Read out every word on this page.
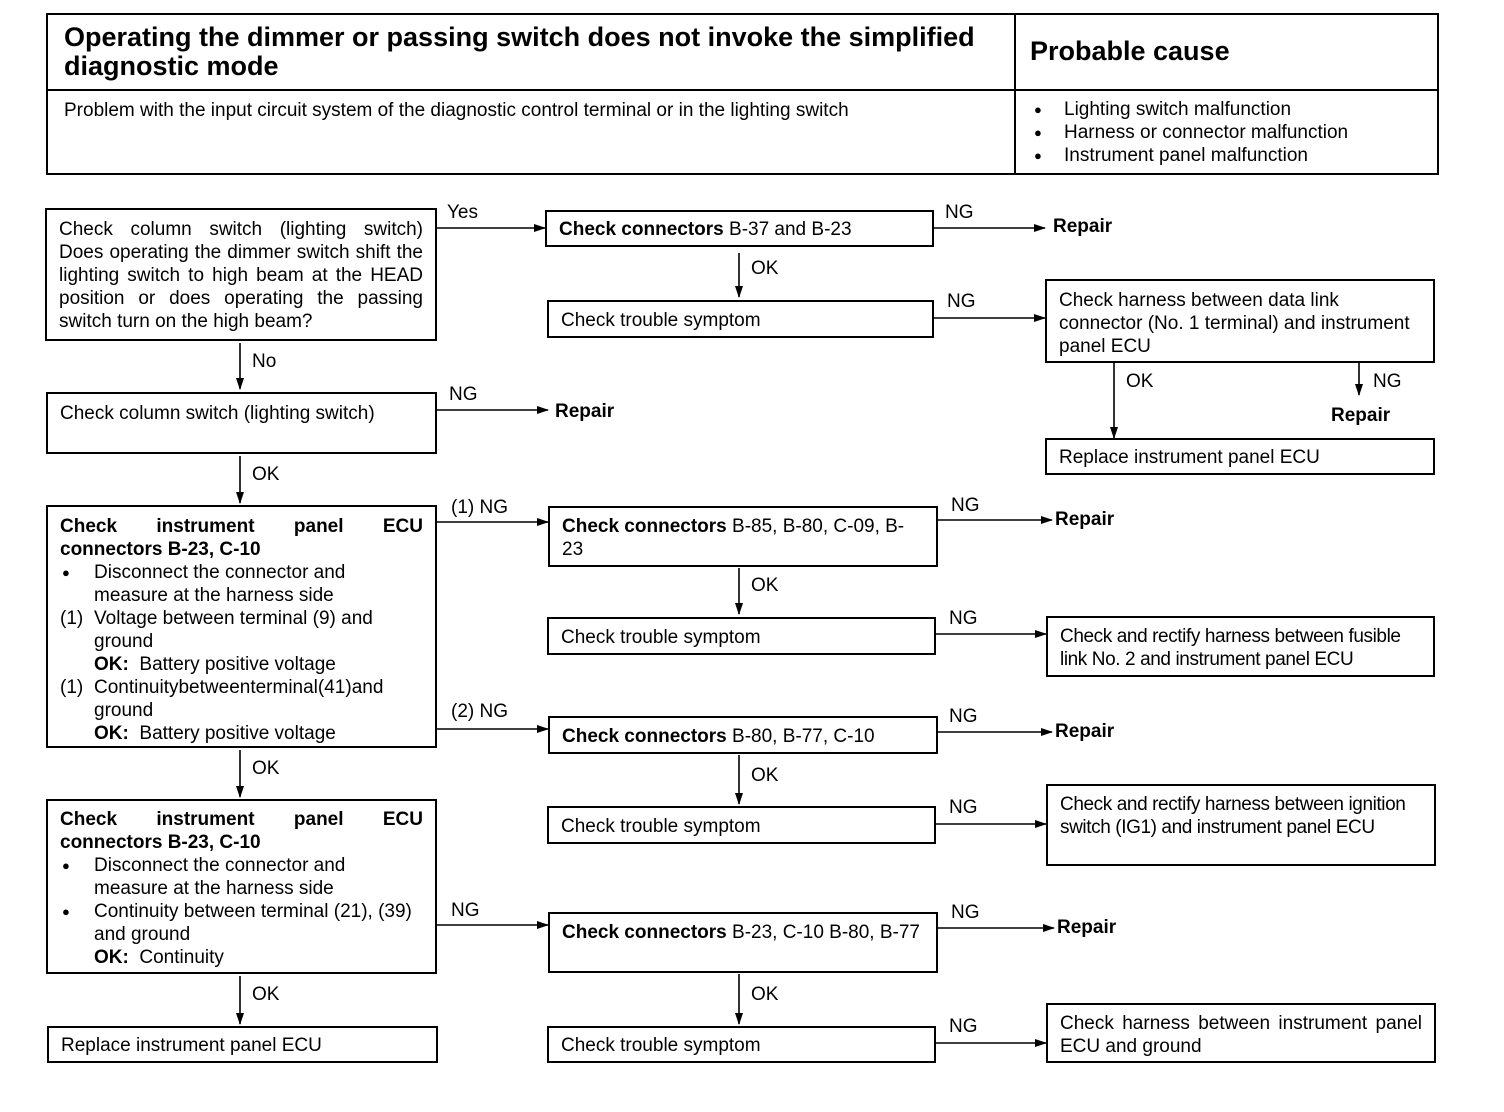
Operating the dimmer or passing switch does not invoke the simplified diagnostic mode	Probable cause
Problem with the input circuit system of the diagnostic control terminal or in the lighting switch
●	Lighting switch malfunction
● Harness or connector malfunction
● Instrument panel malfunction
Check column switch (lighting switch) Does operating the dimmer switch shift the lighting switch to high beam at the HEAD position or does operating the passing switch turn on the high beam?
Check column switch (lighting switch)
Check instrument panel ECU
connectors B-23, C-10
● Disconnect the connector and measure at the harness side
(1) Voltage between terminal (9) and ground
OK: Battery positive voltage
(1) Continuitybetweenterminal(41)and ground
OK: Battery positive voltage
Check instrument panel ECU
connectors B-23, C-10
● Disconnect the connector and measure at the harness side
● Continuity between terminal (21), (39) and ground
OK: Continuity
Replace instrument panel ECU
Check connectors B-37 and B-23
Check trouble symptom
Check connectors B-85, B-80, C-09, B-23
Check trouble symptom
Check connectors B-80, B-77, C-10
Check trouble symptom
Check connectors B-23, C-10 B-80, B-77
Check trouble symptom
Check harness between data link connector (No. 1 terminal) and instrument panel ECU
Replace instrument panel ECU
Check and rectify harness between fusible link No. 2 and instrument panel ECU
Check and rectify harness between ignition switch (IG1) and instrument panel ECU
Check harness between instrument panel ECU and ground
Yes	NG
Repair
OK
NG
OK	NG
Repair
No
NG
Repair
OK
(1) NG	NG
Repair
OK
NG
(2) NG	NG
Repair
OK	OK
NG
NG	NG
Repair
OK	OK
NG
